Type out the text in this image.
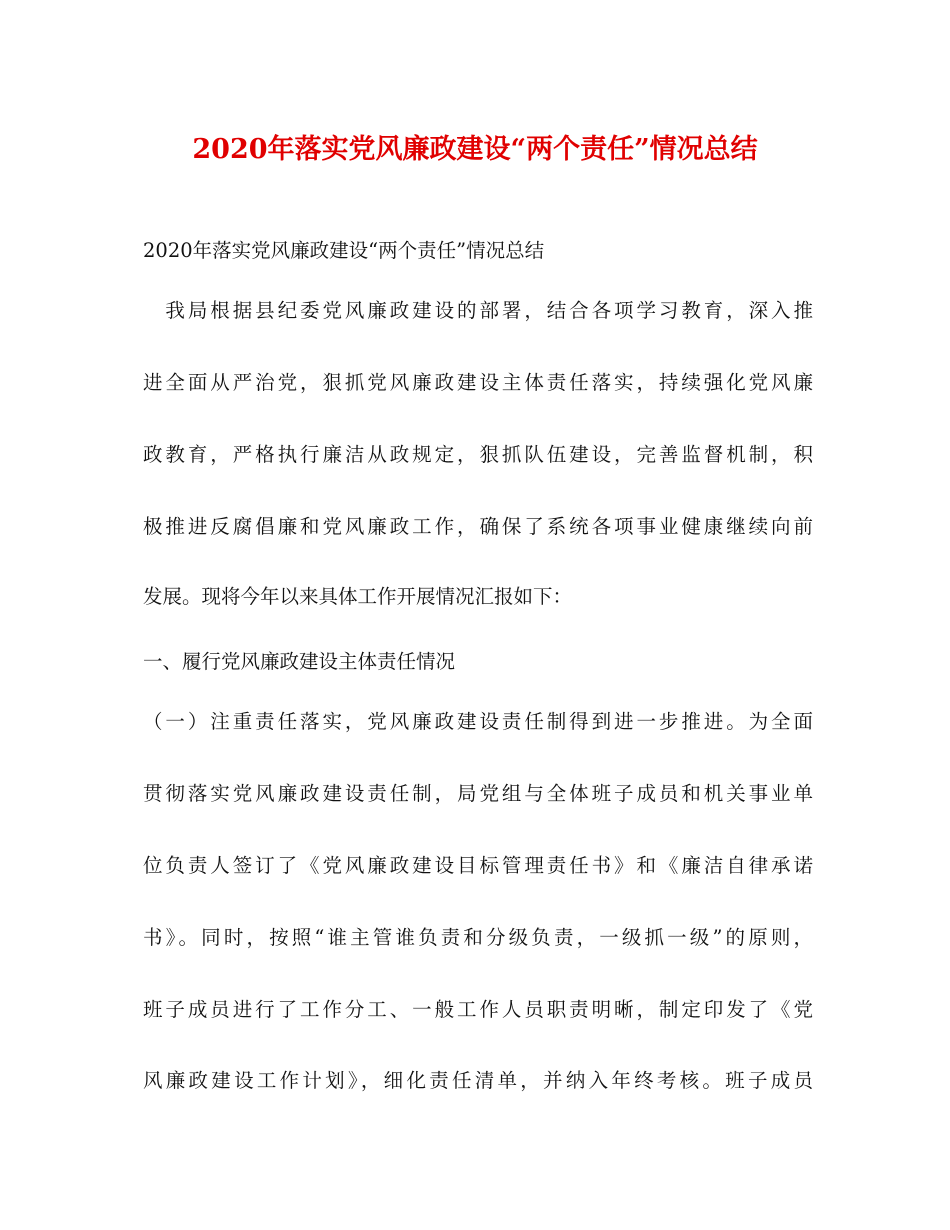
2020年落实党风廉政建设“两个责任”情况总结
2020年落实党风廉政建设“两个责任”情况总结
　我局根据县纪委党风廉政建设的部署，结合各项学习教育，深入推
进全面从严治党，狠抓党风廉政建设主体责任落实，持续强化党风廉
政教育，严格执行廉洁从政规定，狠抓队伍建设，完善监督机制，积
极推进反腐倡廉和党风廉政工作，确保了系统各项事业健康继续向前
发展。现将今年以来具体工作开展情况汇报如下：
一、履行党风廉政建设主体责任情况
（一）注重责任落实，党风廉政建设责任制得到进一步推进。为全面
贯彻落实党风廉政建设责任制，局党组与全体班子成员和机关事业单
位负责人签订了《党风廉政建设目标管理责任书》和《廉洁自律承诺
书》。同时，按照“谁主管谁负责和分级负责，一级抓一级”的原则，
班子成员进行了工作分工、一般工作人员职责明晰，制定印发了《党
风廉政建设工作计划》，细化责任清单，并纳入年终考核。班子成员
